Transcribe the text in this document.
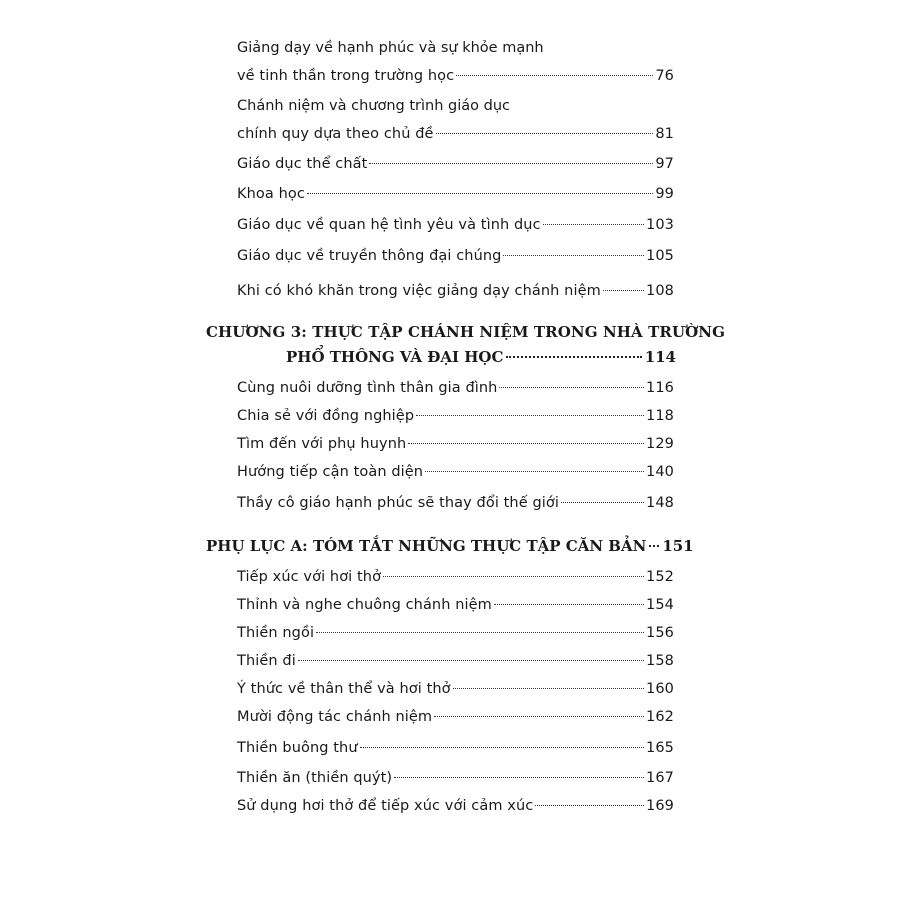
Giảng dạy về hạnh phúc và sự khỏe mạnh
về tinh thần trong trường học	76
Chánh niệm và chương trình giáo dục
chính quy dựa theo chủ đề	81
Giáo dục thể chất	97
Khoa học	99
Giáo dục về quan hệ tình yêu và tình dục	103
Giáo dục về truyền thông đại chúng	105
Khi có khó khăn trong việc giảng dạy chánh niệm	108
CHƯƠNG 3: THỰC TẬP CHÁNH NIỆM TRONG NHÀ TRƯỜNG
PHỔ THÔNG VÀ ĐẠI HỌC	114
Cùng nuôi dưỡng tình thân gia đình	116
Chia sẻ với đồng nghiệp	118
Tìm đến với phụ huynh	129
Hướng tiếp cận toàn diện	140
Thầy cô giáo hạnh phúc sẽ thay đổi thế giới	148
PHỤ LỤC A: TÓM TẮT NHỮNG THỰC TẬP CĂN BẢN 151
Tiếp xúc với hơi thở	152
Thỉnh và nghe chuông chánh niệm	154
Thiền ngồi	156
Thiền đi	158
Ý thức về thân thể và hơi thở	160
Mười động tác chánh niệm	162
Thiền buông thư	165
Thiền ăn (thiền quýt)	167
Sử dụng hơi thở để tiếp xúc với cảm xúc	169
